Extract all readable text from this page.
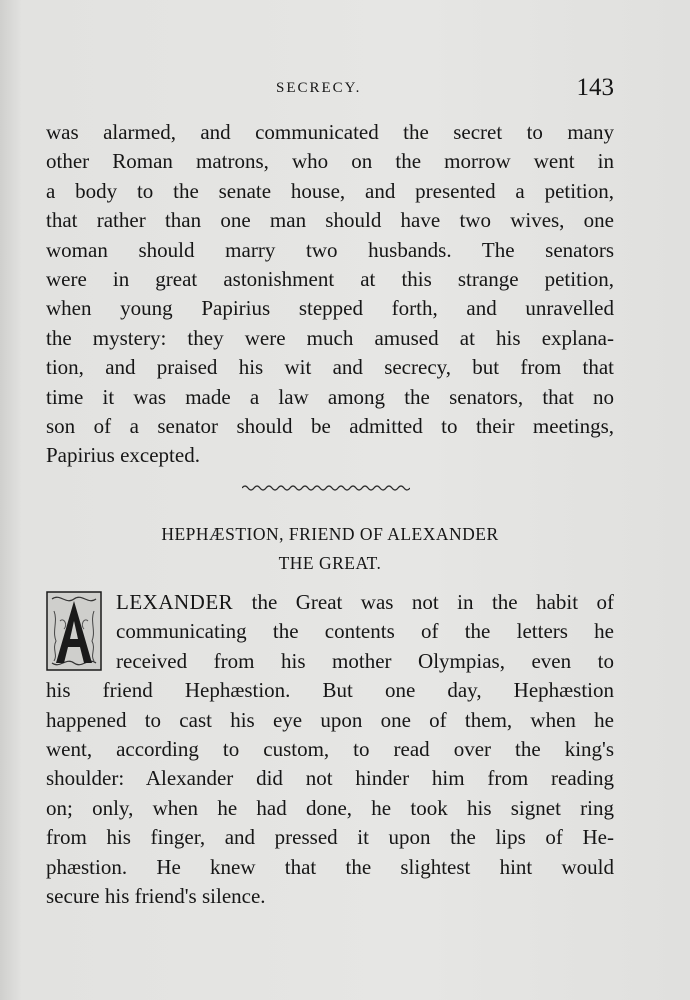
SECRECY.	143
was alarmed, and communicated the secret to many
other Roman matrons, who on the morrow went in
a body to the senate house, and presented a petition,
that rather than one man should have two wives, one
woman should marry two husbands. The senators
were in great astonishment at this strange petition,
when young Papirius stepped forth, and unravelled
the mystery: they were much amused at his explana-
tion, and praised his wit and secrecy, but from that
time it was made a law among the senators, that no
son of a senator should be admitted to their meetings,
Papirius excepted.
HEPHÆSTION, FRIEND OF ALEXANDER
THE GREAT.
LEXANDER the Great was not in the habit of
communicating the contents of the letters he
received from his mother Olympias, even to
his friend Hephæstion. But one day, Hephæstion
happened to cast his eye upon one of them, when he
went, according to custom, to read over the king's
shoulder: Alexander did not hinder him from reading
on; only, when he had done, he took his signet ring
from his finger, and pressed it upon the lips of He-
phæstion. He knew that the slightest hint would
secure his friend's silence.
